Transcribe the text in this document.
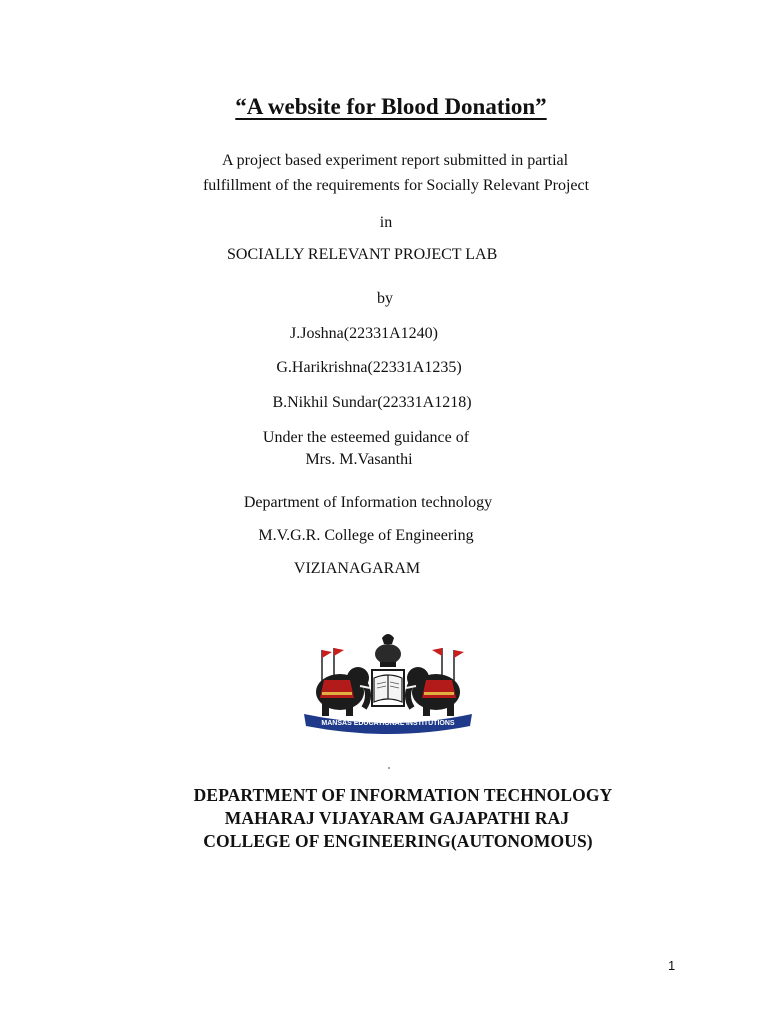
“A website for Blood Donation”
A project based experiment report submitted in partial
fulfillment of the requirements for Socially Relevant Project
in
SOCIALLY RELEVANT PROJECT LAB
by
J.Joshna(22331A1240)
G.Harikrishna(22331A1235)
B.Nikhil Sundar(22331A1218)
Under the esteemed guidance of
Mrs. M.Vasanthi
Department of Information technology
M.V.G.R. College of Engineering
VIZIANAGARAM
MANSAS EDUCATIONAL INSTITUTIONS
DEPARTMENT OF INFORMATION TECHNOLOGY
MAHARAJ VIJAYARAM GAJAPATHI RAJ
COLLEGE OF ENGINEERING(AUTONOMOUS)
1
